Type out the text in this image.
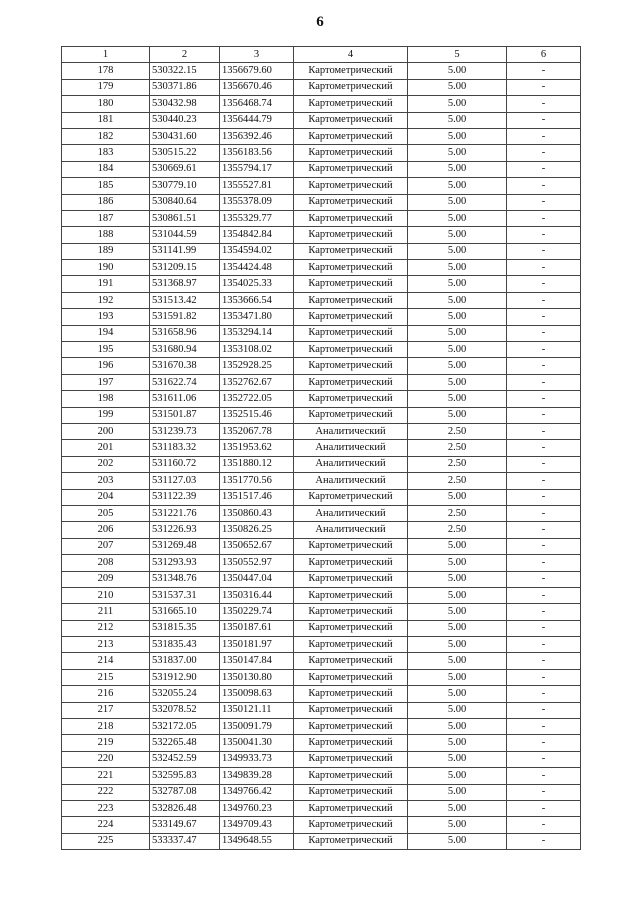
6
1	2	3	4	5	6
178	530322.15	1356679.60	Картометрический	5.00	-
179	530371.86	1356670.46	Картометрический	5.00	-
180	530432.98	1356468.74	Картометрический	5.00	-
181	530440.23	1356444.79	Картометрический	5.00	-
182	530431.60	1356392.46	Картометрический	5.00	-
183	530515.22	1356183.56	Картометрический	5.00	-
184	530669.61	1355794.17	Картометрический	5.00	-
185	530779.10	1355527.81	Картометрический	5.00	-
186	530840.64	1355378.09	Картометрический	5.00	-
187	530861.51	1355329.77	Картометрический	5.00	-
188	531044.59	1354842.84	Картометрический	5.00	-
189	531141.99	1354594.02	Картометрический	5.00	-
190	531209.15	1354424.48	Картометрический	5.00	-
191	531368.97	1354025.33	Картометрический	5.00	-
192	531513.42	1353666.54	Картометрический	5.00	-
193	531591.82	1353471.80	Картометрический	5.00	-
194	531658.96	1353294.14	Картометрический	5.00	-
195	531680.94	1353108.02	Картометрический	5.00	-
196	531670.38	1352928.25	Картометрический	5.00	-
197	531622.74	1352762.67	Картометрический	5.00	-
198	531611.06	1352722.05	Картометрический	5.00	-
199	531501.87	1352515.46	Картометрический	5.00	-
200	531239.73	1352067.78	Аналитический	2.50	-
201	531183.32	1351953.62	Аналитический	2.50	-
202	531160.72	1351880.12	Аналитический	2.50	-
203	531127.03	1351770.56	Аналитический	2.50	-
204	531122.39	1351517.46	Картометрический	5.00	-
205	531221.76	1350860.43	Аналитический	2.50	-
206	531226.93	1350826.25	Аналитический	2.50	-
207	531269.48	1350652.67	Картометрический	5.00	-
208	531293.93	1350552.97	Картометрический	5.00	-
209	531348.76	1350447.04	Картометрический	5.00	-
210	531537.31	1350316.44	Картометрический	5.00	-
211	531665.10	1350229.74	Картометрический	5.00	-
212	531815.35	1350187.61	Картометрический	5.00	-
213	531835.43	1350181.97	Картометрический	5.00	-
214	531837.00	1350147.84	Картометрический	5.00	-
215	531912.90	1350130.80	Картометрический	5.00	-
216	532055.24	1350098.63	Картометрический	5.00	-
217	532078.52	1350121.11	Картометрический	5.00	-
218	532172.05	1350091.79	Картометрический	5.00	-
219	532265.48	1350041.30	Картометрический	5.00	-
220	532452.59	1349933.73	Картометрический	5.00	-
221	532595.83	1349839.28	Картометрический	5.00	-
222	532787.08	1349766.42	Картометрический	5.00	-
223	532826.48	1349760.23	Картометрический	5.00	-
224	533149.67	1349709.43	Картометрический	5.00	-
225	533337.47	1349648.55	Картометрический	5.00	-
